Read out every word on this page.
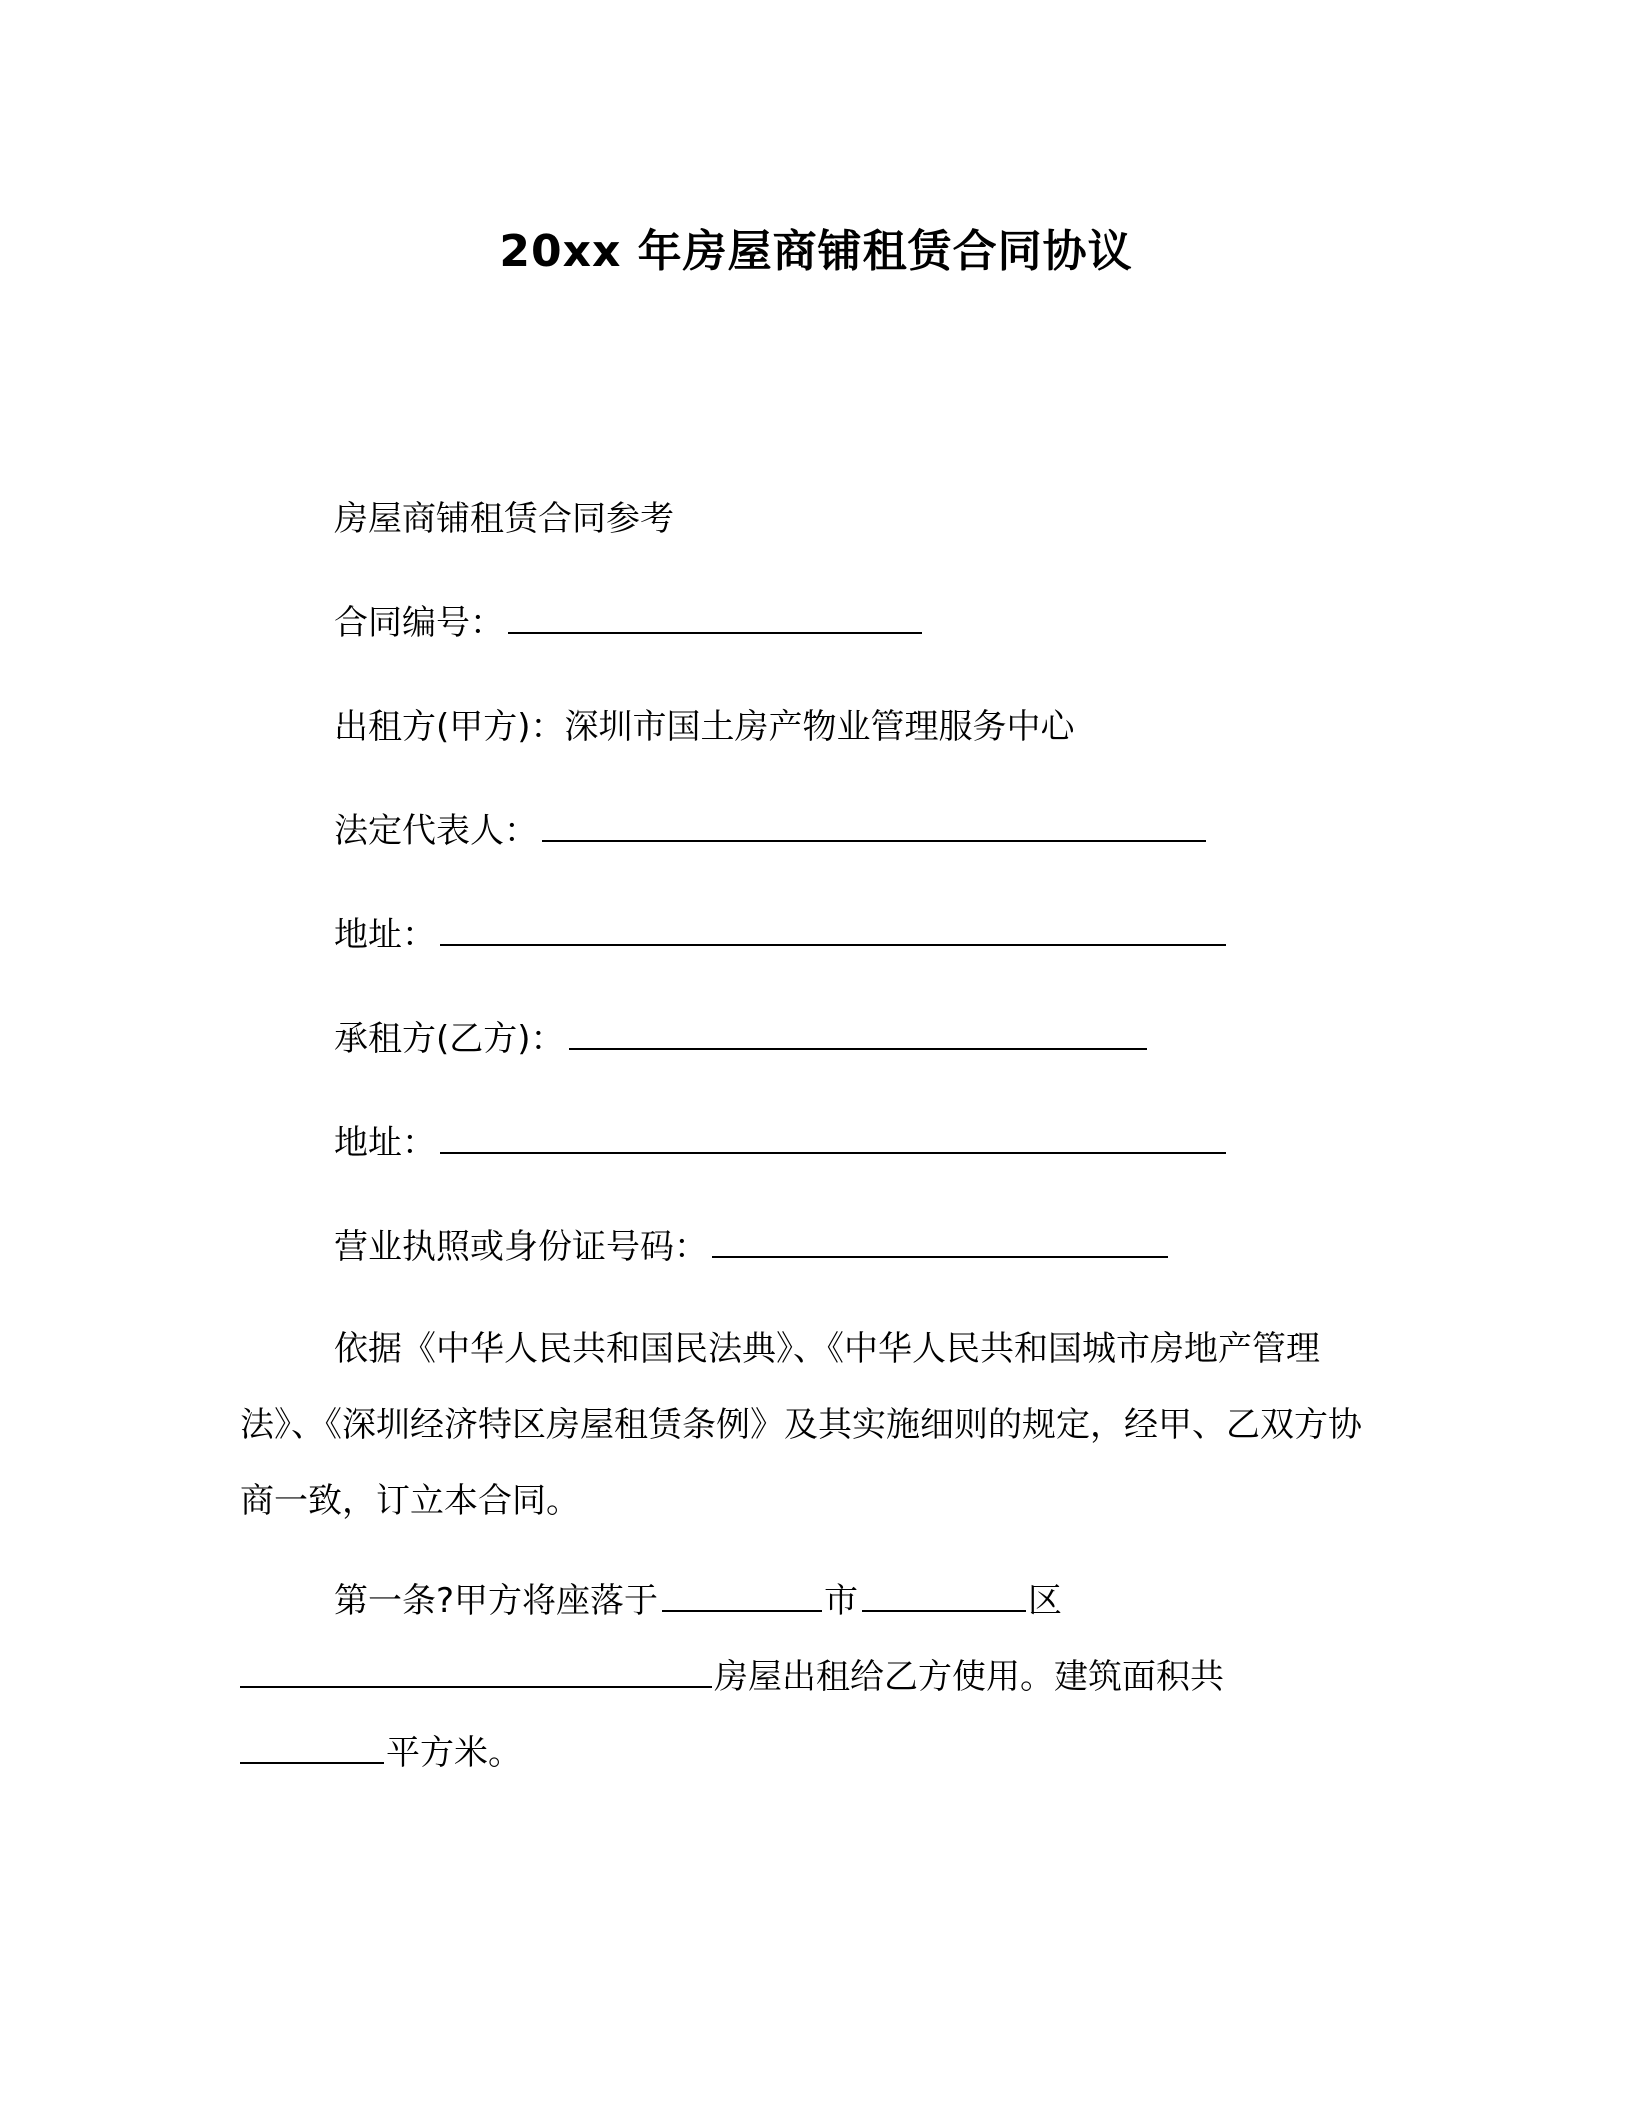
20xx 年房屋商铺租赁合同协议
房屋商铺租赁合同参考
合同编号：
出租方(甲方)：深圳市国土房产物业管理服务中心
法定代表人：
地址：
承租方(乙方)：
地址：
营业执照或身份证号码：
依据《中华人民共和国民法典》、《中华人民共和国城市房地产管理法》、《深圳经济特区房屋租赁条例》及其实施细则的规定，经甲、乙双方协商一致，订立本合同。
第一条?甲方将座落于	市	区
房屋出租给乙方使用。建筑面积共
平方米。
